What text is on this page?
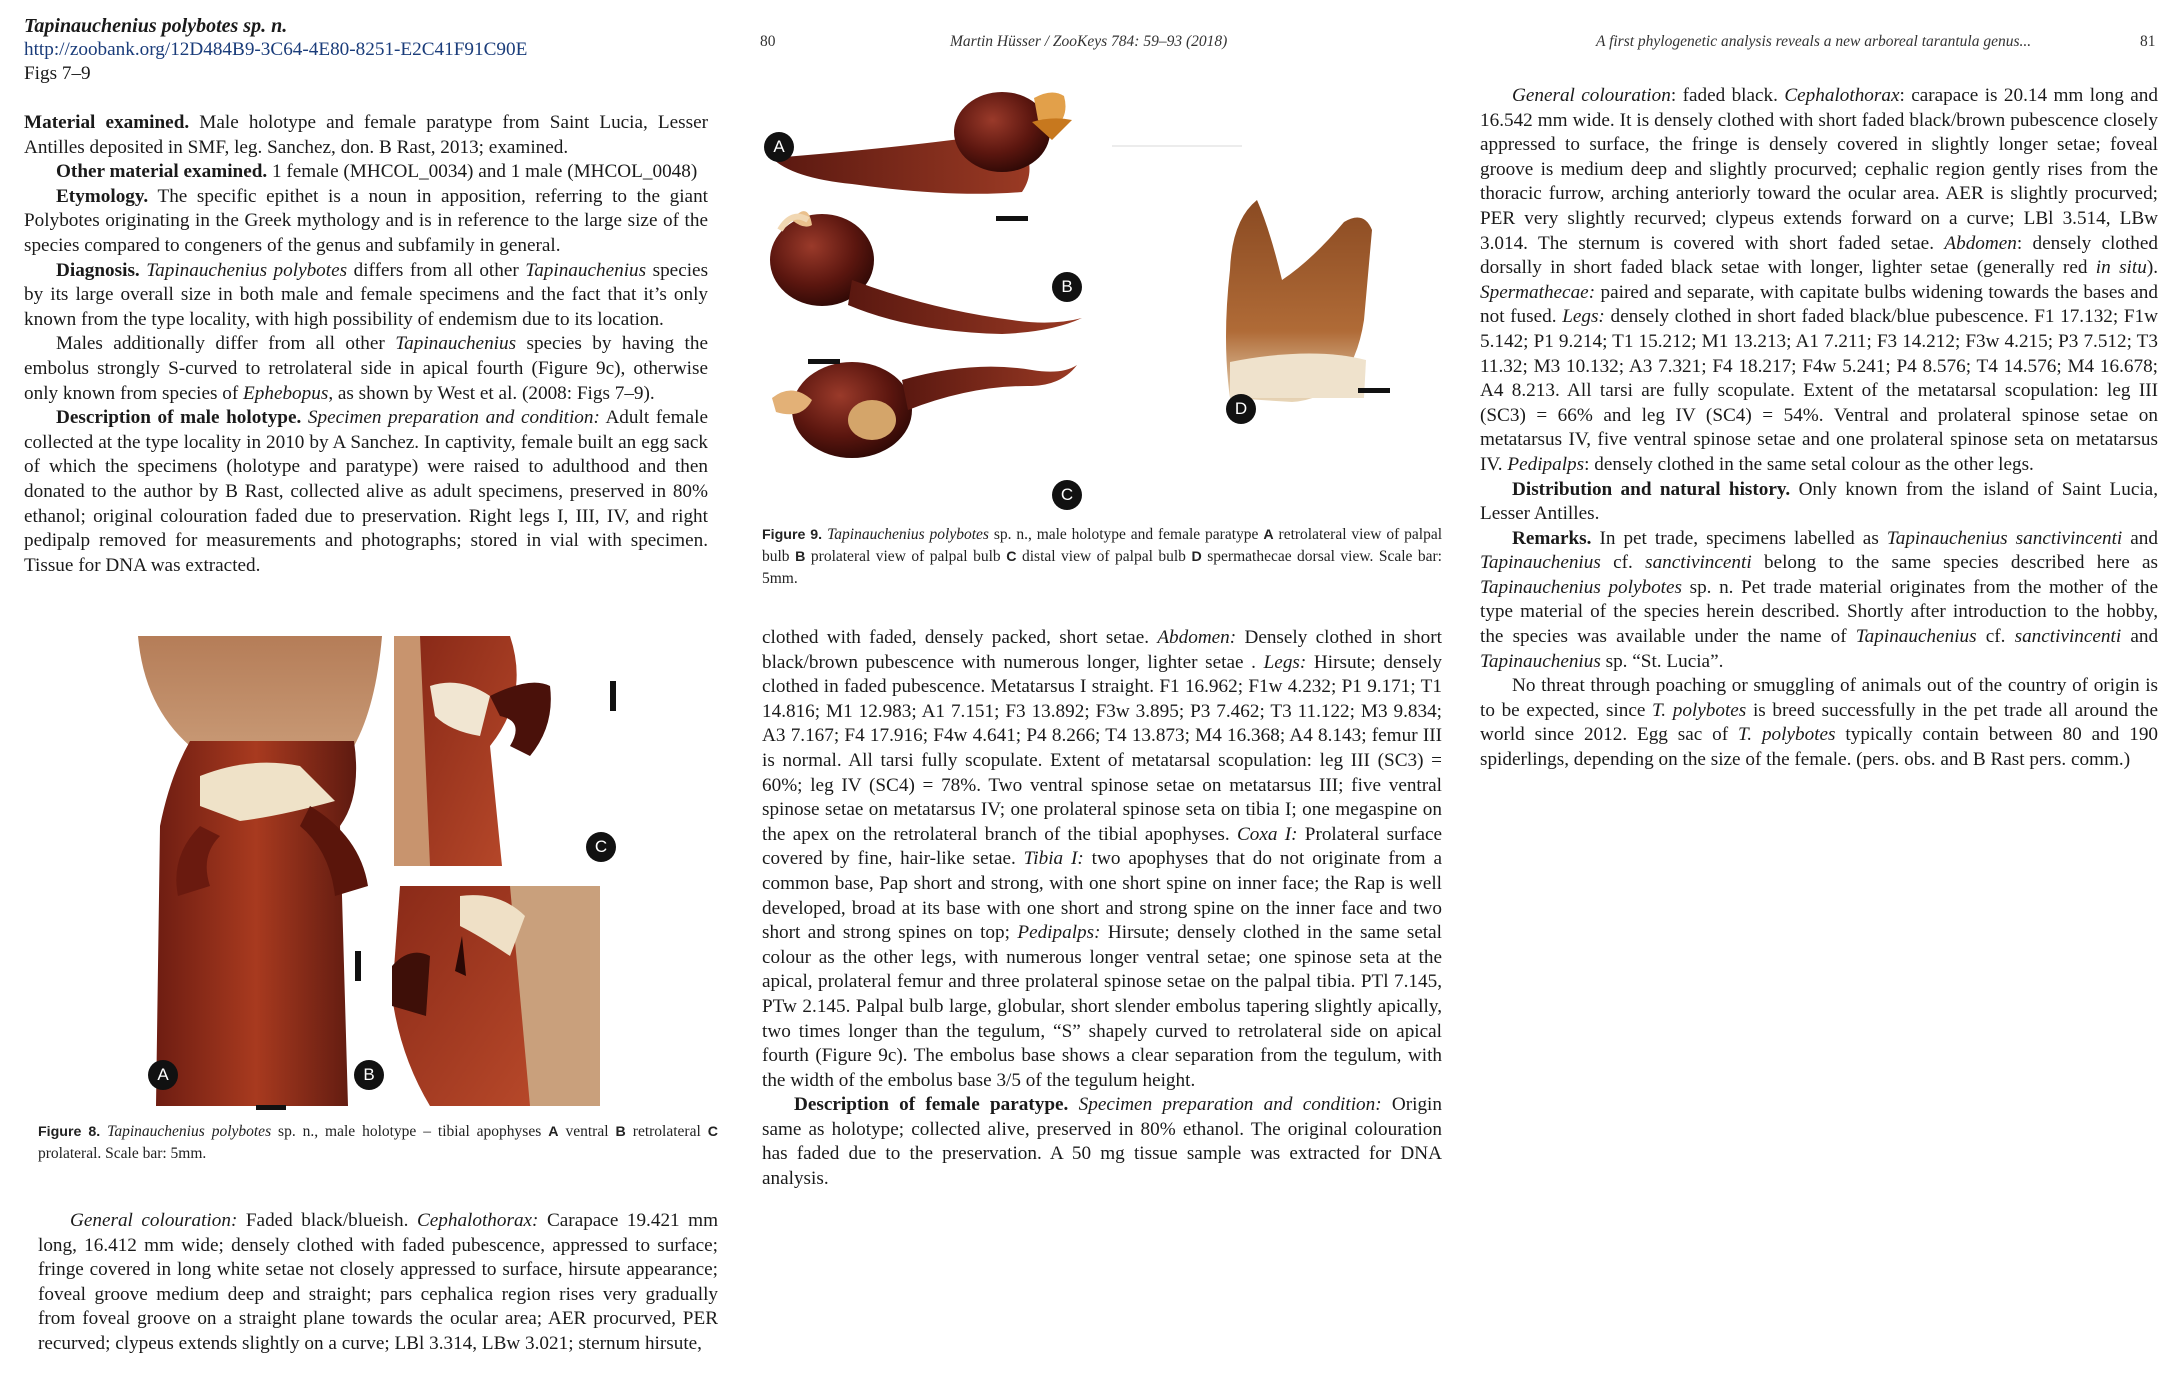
Tapinauchenius polybotes sp. n.
http://zoobank.org/12D484B9-3C64-4E80-8251-E2C41F91C90E
Figs 7–9

Material examined. Male holotype and female paratype from Saint Lucia, Lesser Antilles deposited in SMF, leg. Sanchez, don. B Rast, 2013; examined.

Other material examined. 1 female (MHCOL_0034) and 1 male (MHCOL_0048)

Etymology. The specific epithet is a noun in apposition, referring to the giant Polybotes originating in the Greek mythology and is in reference to the large size of the species compared to congeners of the genus and subfamily in general.

Diagnosis. Tapinauchenius polybotes differs from all other Tapinauchenius species by its large overall size in both male and female specimens and the fact that it’s only known from the type locality, with high possibility of endemism due to its location.

Males additionally differ from all other Tapinauchenius species by having the embolus strongly S-curved to retrolateral side in apical fourth (Figure 9c), otherwise only known from species of Ephebopus, as shown by West et al. (2008: Figs 7–9).

Description of male holotype. Specimen preparation and condition: Adult female collected at the type locality in 2010 by A Sanchez. In captivity, female built an egg sack of which the specimens (holotype and paratype) were raised to adulthood and then donated to the author by B Rast, collected alive as adult specimens, preserved in 80% ethanol; original colouration faded due to preservation. Right legs I, III, IV, and right pedipalp removed for measurements and photographs; stored in vial with specimen. Tissue for DNA was extracted.

A	B
C
Figure 8. Tapinauchenius polybotes sp. n., male holotype – tibial apophyses A ventral B retrolateral C prolateral. Scale bar: 5mm.

General colouration: Faded black/blueish. Cephalothorax: Carapace 19.421 mm long, 16.412 mm wide; densely clothed with faded pubescence, appressed to surface; fringe covered in long white setae not closely appressed to surface, hirsute appearance; foveal groove medium deep and straight; pars cephalica region rises very gradually from foveal groove on a straight plane towards the ocular area; AER procurved, PER recurved; clypeus extends slightly on a curve; LBl 3.314, LBw 3.021; sternum hirsute,

80	Martin Hüsser / ZooKeys 784: 59–93 (2018)
A
B
C
D
Figure 9. Tapinauchenius polybotes sp. n., male holotype and female paratype A retrolateral view of palpal bulb B prolateral view of palpal bulb C distal view of palpal bulb D spermathecae dorsal view. Scale bar: 5mm.

clothed with faded, densely packed, short setae. Abdomen: Densely clothed in short black/brown pubescence with numerous longer, lighter setae . Legs: Hirsute; densely clothed in faded pubescence. Metatarsus I straight. F1 16.962; F1w 4.232; P1 9.171; T1 14.816; M1 12.983; A1 7.151; F3 13.892; F3w 3.895; P3 7.462; T3 11.122; M3 9.834; A3 7.167; F4 17.916; F4w 4.641; P4 8.266; T4 13.873; M4 16.368; A4 8.143; femur III is normal. All tarsi fully scopulate. Extent of metatarsal scopulation: leg III (SC3) = 60%; leg IV (SC4) = 78%. Two ventral spinose setae on metatarsus III; five ventral spinose setae on metatarsus IV; one prolateral spinose seta on tibia I; one megaspine on the apex on the retrolateral branch of the tibial apophyses. Coxa I: Prolateral surface covered by fine, hair-like setae. Tibia I: two apophyses that do not originate from a common base, Pap short and strong, with one short spine on inner face; the Rap is well developed, broad at its base with one short and strong spine on the inner face and two short and strong spines on top; Pedipalps: Hirsute; densely clothed in the same setal colour as the other legs, with numerous longer ventral setae; one spinose seta at the apical, prolateral femur and three prolateral spinose setae on the palpal tibia. PTl 7.145, PTw 2.145. Palpal bulb large, globular, short slender embolus tapering slightly apically, two times longer than the tegulum, “S” shapely curved to retrolateral side on apical fourth (Figure 9c). The embolus base shows a clear separation from the tegulum, with the width of the embolus base 3/5 of the tegulum height.

Description of female paratype. Specimen preparation and condition: Origin same as holotype; collected alive, preserved in 80% ethanol. The original colouration has faded due to the preservation. A 50 mg tissue sample was extracted for DNA analysis.

A first phylogenetic analysis reveals a new arboreal tarantula genus...	81

General colouration: faded black. Cephalothorax: carapace is 20.14 mm long and 16.542 mm wide. It is densely clothed with short faded black/brown pubescence closely appressed to surface, the fringe is densely covered in slightly longer setae; foveal groove is medium deep and slightly procurved; cephalic region gently rises from the thoracic furrow, arching anteriorly toward the ocular area. AER is slightly procurved; PER very slightly recurved; clypeus extends forward on a curve; LBl 3.514, LBw 3.014. The sternum is covered with short faded setae. Abdomen: densely clothed dorsally in short faded black setae with longer, lighter setae (generally red in situ). Spermathecae: paired and separate, with capitate bulbs widening towards the bases and not fused. Legs: densely clothed in short faded black/blue pubescence. F1 17.132; F1w 5.142; P1 9.214; T1 15.212; M1 13.213; A1 7.211; F3 14.212; F3w 4.215; P3 7.512; T3 11.32; M3 10.132; A3 7.321; F4 18.217; F4w 5.241; P4 8.576; T4 14.576; M4 16.678; A4 8.213. All tarsi are fully scopulate. Extent of the metatarsal scopulation: leg III (SC3) = 66% and leg IV (SC4) = 54%. Ventral and prolateral spinose setae on metatarsus IV, five ventral spinose setae and one prolateral spinose seta on metatarsus IV. Pedipalps: densely clothed in the same setal colour as the other legs.

Distribution and natural history. Only known from the island of Saint Lucia, Lesser Antilles.

Remarks. In pet trade, specimens labelled as Tapinauchenius sanctivincenti and Tapinauchenius cf. sanctivincenti belong to the same species described here as Tapinauchenius polybotes sp. n. Pet trade material originates from the mother of the type material of the species herein described. Shortly after introduction to the hobby, the species was available under the name of Tapinauchenius cf. sanctivincenti and Tapinauchenius sp. “St. Lucia”.

No threat through poaching or smuggling of animals out of the country of origin is to be expected, since T. polybotes is breed successfully in the pet trade all around the world since 2012. Egg sac of T. polybotes typically contain between 80 and 190 spiderlings, depending on the size of the female. (pers. obs. and B Rast pers. comm.)
